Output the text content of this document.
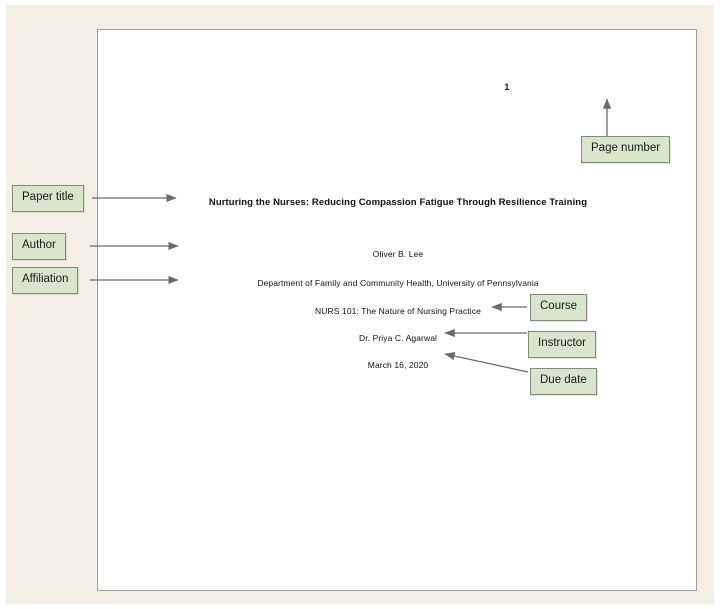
1
Nurturing the Nurses: Reducing Compassion Fatigue Through Resilience Training
Oliver B. Lee
Department of Family and Community Health, University of Pennsylvania
NURS 101: The Nature of Nursing Practice
Dr. Priya C. Agarwal
March 16, 2020
Page number
Paper title
Author
Affiliation
Course
Instructor
Due date
